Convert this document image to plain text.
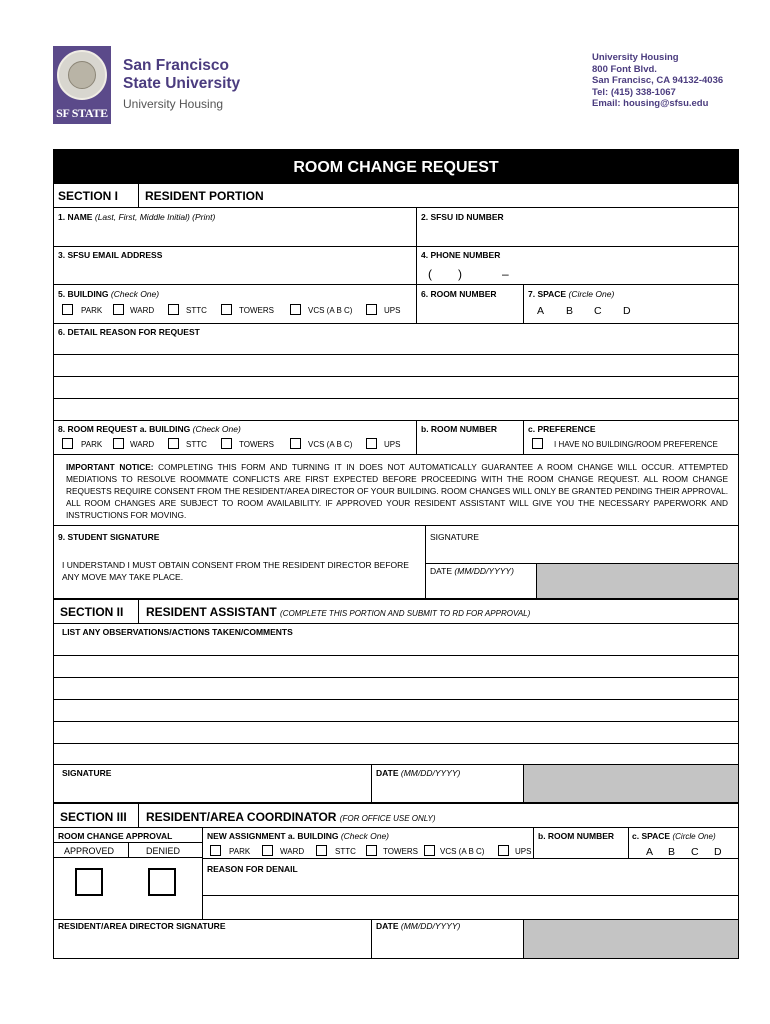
SF STATE
San Francisco
State University
University Housing
University Housing
800 Font Blvd.
San Francisc, CA 94132-4036
Tel: (415) 338-1067
Email: housing@sfsu.edu
ROOM CHANGE REQUEST
SECTION I RESIDENT PORTION
1. NAME (Last, First, Middle Initial) (Print)	2. SFSU ID NUMBER
3. SFSU EMAIL ADDRESS	4. PHONE NUMBER
( )	–
5. BUILDING (Check One)
PARK	WARD	STTC	TOWERS	VCS (A B C)	UPS
6. ROOM NUMBER	7. SPACE (Circle One)
A B C D
6. DETAIL REASON FOR REQUEST
8. ROOM REQUEST a. BUILDING (Check One)	b. ROOM NUMBER	c. PREFERENCE
PARK	WARD	STTC	TOWERS	VCS (A B C)	UPS	I HAVE NO BUILDING/ROOM PREFERENCE
IMPORTANT NOTICE: COMPLETING THIS FORM AND TURNING IT IN DOES NOT AUTOMATICALLY GUARANTEE A ROOM CHANGE WILL OCCUR. ATTEMPTED MEDIATIONS TO RESOLVE ROOMMATE CONFLICTS ARE FIRST EXPECTED BEFORE PROCEEDING WITH THE ROOM CHANGE REQUEST. ALL ROOM CHANGE REQUESTS REQUIRE CONSENT FROM THE RESIDENT/AREA DIRECTOR OF YOUR BUILDING. ROOM CHANGES WILL ONLY BE GRANTED PENDING THEIR APPROVAL. ALL ROOM CHANGES ARE SUBJECT TO ROOM AVAILABILITY. IF APPROVED YOUR RESIDENT ASSISTANT WILL GIVE YOU THE NECESSARY PAPERWORK AND INSTRUCTIONS FOR MOVING.
9. STUDENT SIGNATURE	SIGNATURE
I UNDERSTAND I MUST OBTAIN CONSENT FROM THE RESIDENT DIRECTOR BEFORE
ANY MOVE MAY TAKE PLACE.
DATE (MM/DD/YYYY)
SECTION II RESIDENT ASSISTANT (COMPLETE THIS PORTION AND SUBMIT TO RD FOR APPROVAL)
LIST ANY OBSERVATIONS/ACTIONS TAKEN/COMMENTS
SIGNATURE	DATE (MM/DD/YYYY)
SECTION III RESIDENT/AREA COORDINATOR (FOR OFFICE USE ONLY)
ROOM CHANGE APPROVAL
APPROVED	DENIED
NEW ASSIGNMENT a. BUILDING (Check One)
PARK	WARD	STTC	TOWERS	VCS (A B C)	UPS
b. ROOM NUMBER c. SPACE (Circle One)
A B C D
REASON FOR DENAIL
RESIDENT/AREA DIRECTOR SIGNATURE	DATE (MM/DD/YYYY)
